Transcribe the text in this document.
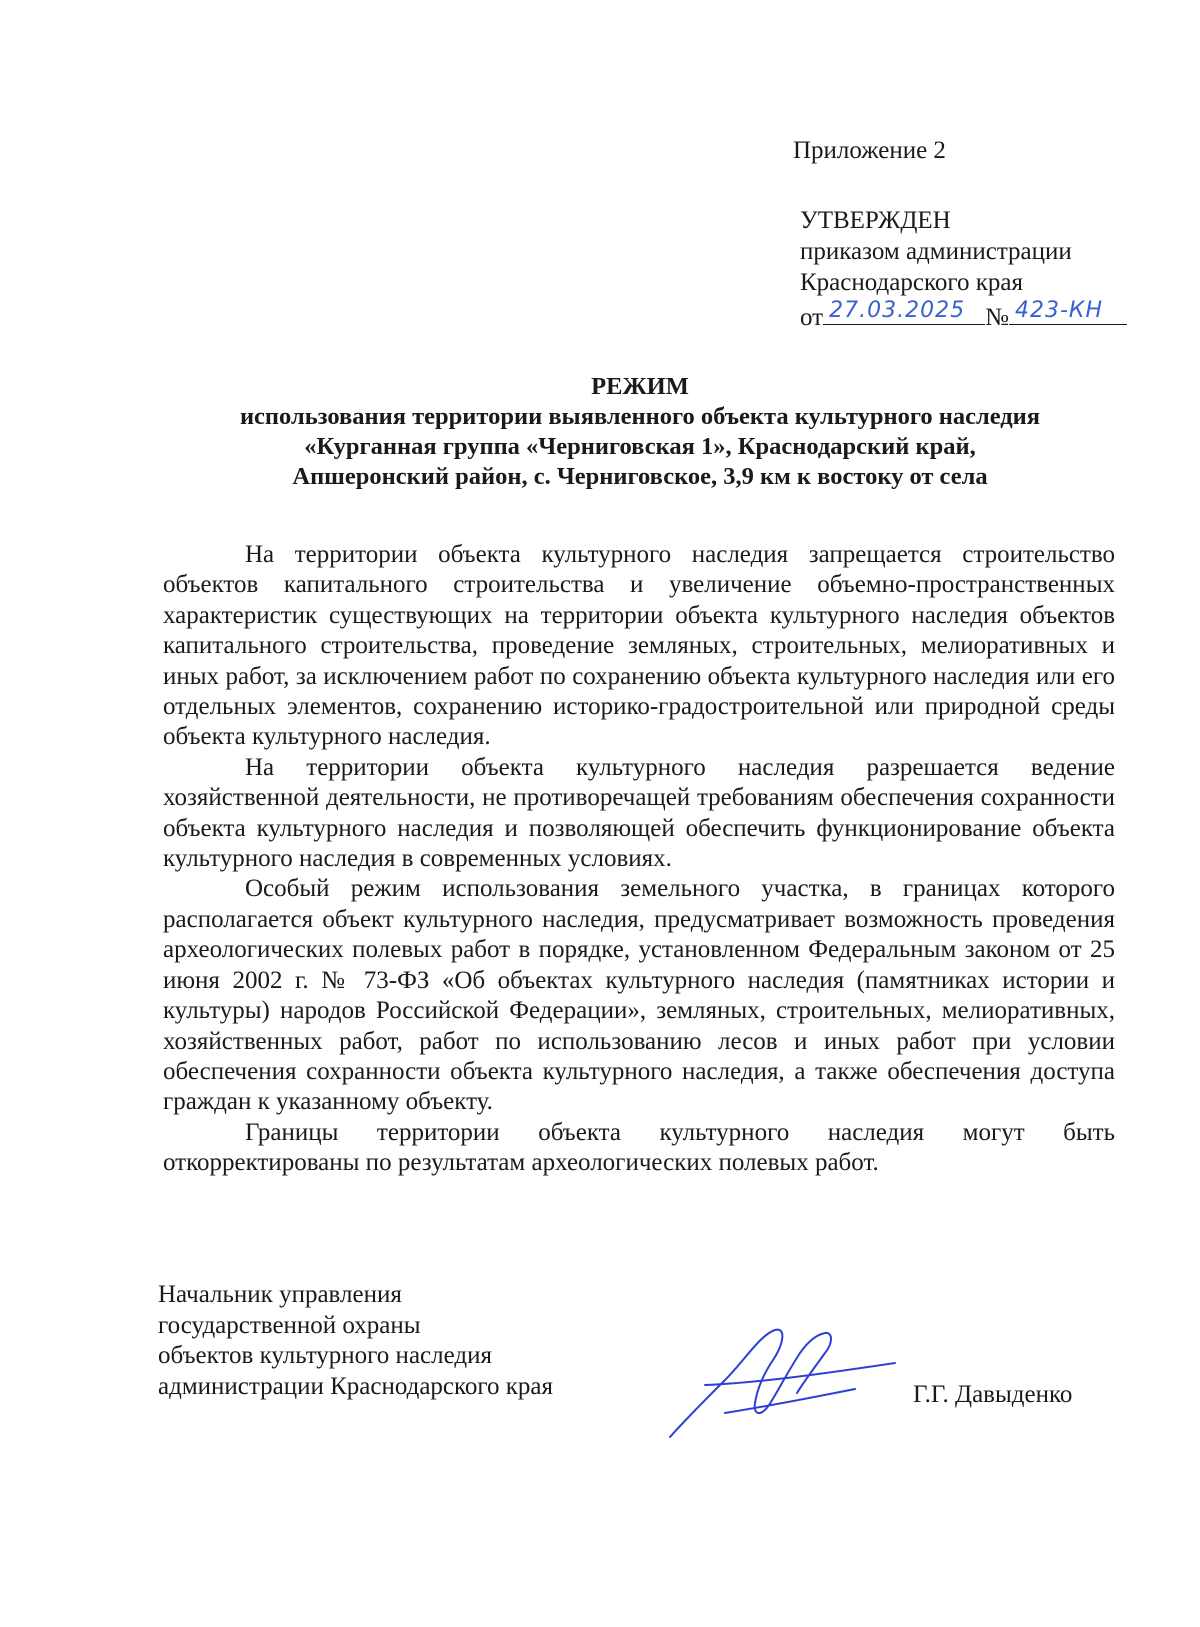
Приложение 2
УТВЕРЖДЕН
приказом администрации
Краснодарского края
от 27.03.2025 № 423-КН
РЕЖИМ
использования территории выявленного объекта культурного наследия
«Курганная группа «Черниговская 1», Краснодарский край,
Апшеронский район, с. Черниговское, 3,9 км к востоку от села

На территории объекта культурного наследия запрещается строительство объектов капитального строительства и увеличение объемно-пространственных характеристик существующих на территории объекта культурного наследия объектов капитального строительства, проведение земляных, строительных, мелиоративных и иных работ, за исключением работ по сохранению объекта культурного наследия или его отдельных элементов, сохранению историко-градостроительной или природной среды объекта культурного наследия.

На территории объекта культурного наследия разрешается ведение хозяйственной деятельности, не противоречащей требованиям обеспечения сохранности объекта культурного наследия и позволяющей обеспечить функционирование объекта культурного наследия в современных условиях.

Особый режим использования земельного участка, в границах которого располагается объект культурного наследия, предусматривает возможность проведения археологических полевых работ в порядке, установленном Федеральным законом от 25 июня 2002 г. № 73-ФЗ «Об объектах культурного наследия (памятниках истории и культуры) народов Российской Федерации», земляных, строительных, мелиоративных, хозяйственных работ, работ по использованию лесов и иных работ при условии обеспечения сохранности объекта культурного наследия, а также обеспечения доступа граждан к указанному объекту.

Границы территории объекта культурного наследия могут быть откорректированы по результатам археологических полевых работ.

Начальник управления
государственной охраны
объектов культурного наследия
администрации Краснодарского края	Г.Г. Давыденко
